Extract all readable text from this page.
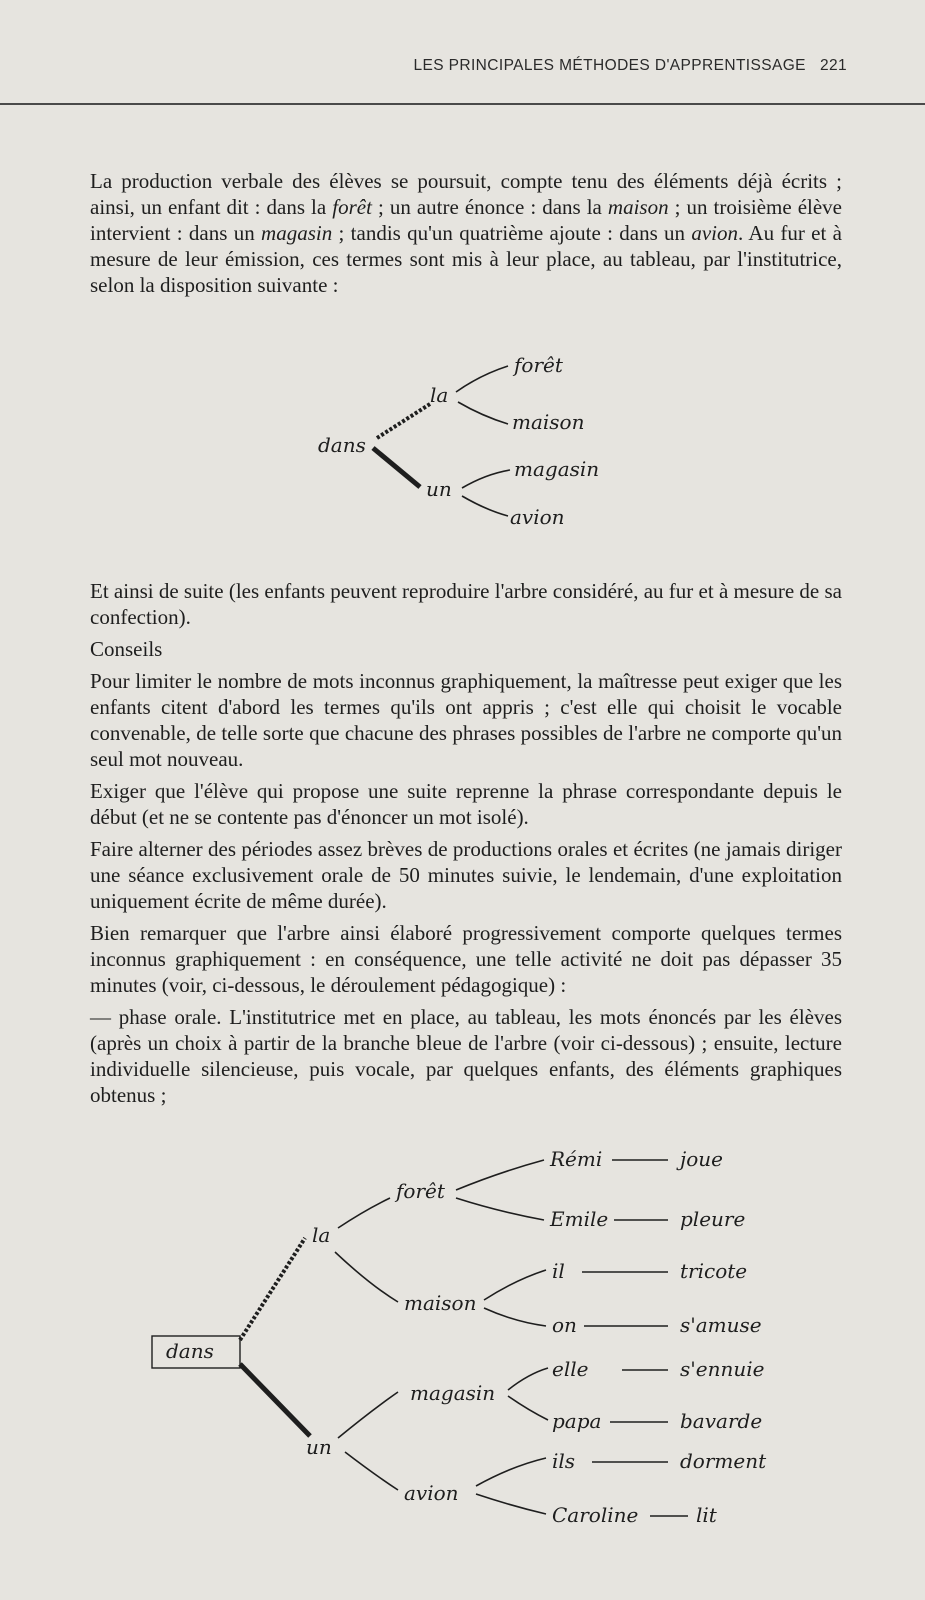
LES PRINCIPALES MÉTHODES D'APPRENTISSAGE 221

La production verbale des élèves se poursuit, compte tenu des éléments déjà écrits ; ainsi, un enfant dit : dans la forêt ; un autre énonce : dans la maison ; un troisième élève intervient : dans un magasin ; tandis qu'un quatrième ajoute : dans un avion. Au fur et à mesure de leur émission, ces termes sont mis à leur place, au tableau, par l'institutrice, selon la disposition suivante :

Et ainsi de suite (les enfants peuvent reproduire l'arbre considéré, au fur et à mesure de sa confection).

Conseils

Pour limiter le nombre de mots inconnus graphiquement, la maîtresse peut exiger que les enfants citent d'abord les termes qu'ils ont appris ; c'est elle qui choisit le vocable convenable, de telle sorte que chacune des phrases possibles de l'arbre ne comporte qu'un seul mot nouveau.

Exiger que l'élève qui propose une suite reprenne la phrase correspondante depuis le début (et ne se contente pas d'énoncer un mot isolé).

Faire alterner des périodes assez brèves de productions orales et écrites (ne jamais diriger une séance exclusivement orale de 50 minutes suivie, le lendemain, d'une exploitation uniquement écrite de même durée).

Bien remarquer que l'arbre ainsi élaboré progressivement comporte quelques termes inconnus graphiquement : en conséquence, une telle activité ne doit pas dépasser 35 minutes (voir, ci-dessous, le déroulement pédagogique) :

— phase orale. L'institutrice met en place, au tableau, les mots énoncés par les élèves (après un choix à partir de la branche bleue de l'arbre (voir ci-dessous) ; ensuite, lecture individuelle silencieuse, puis vocale, par quelques enfants, des éléments graphiques obtenus ;

dans
la
un
forêt
maison
magasin
avion
dans
la
un
forêt
maison
magasin
avion
Rémi
Emile
il
on
elle
papa
ils
Caroline
joue
pleure
tricote
s'amuse
s'ennuie
bavarde
dorment
lit
